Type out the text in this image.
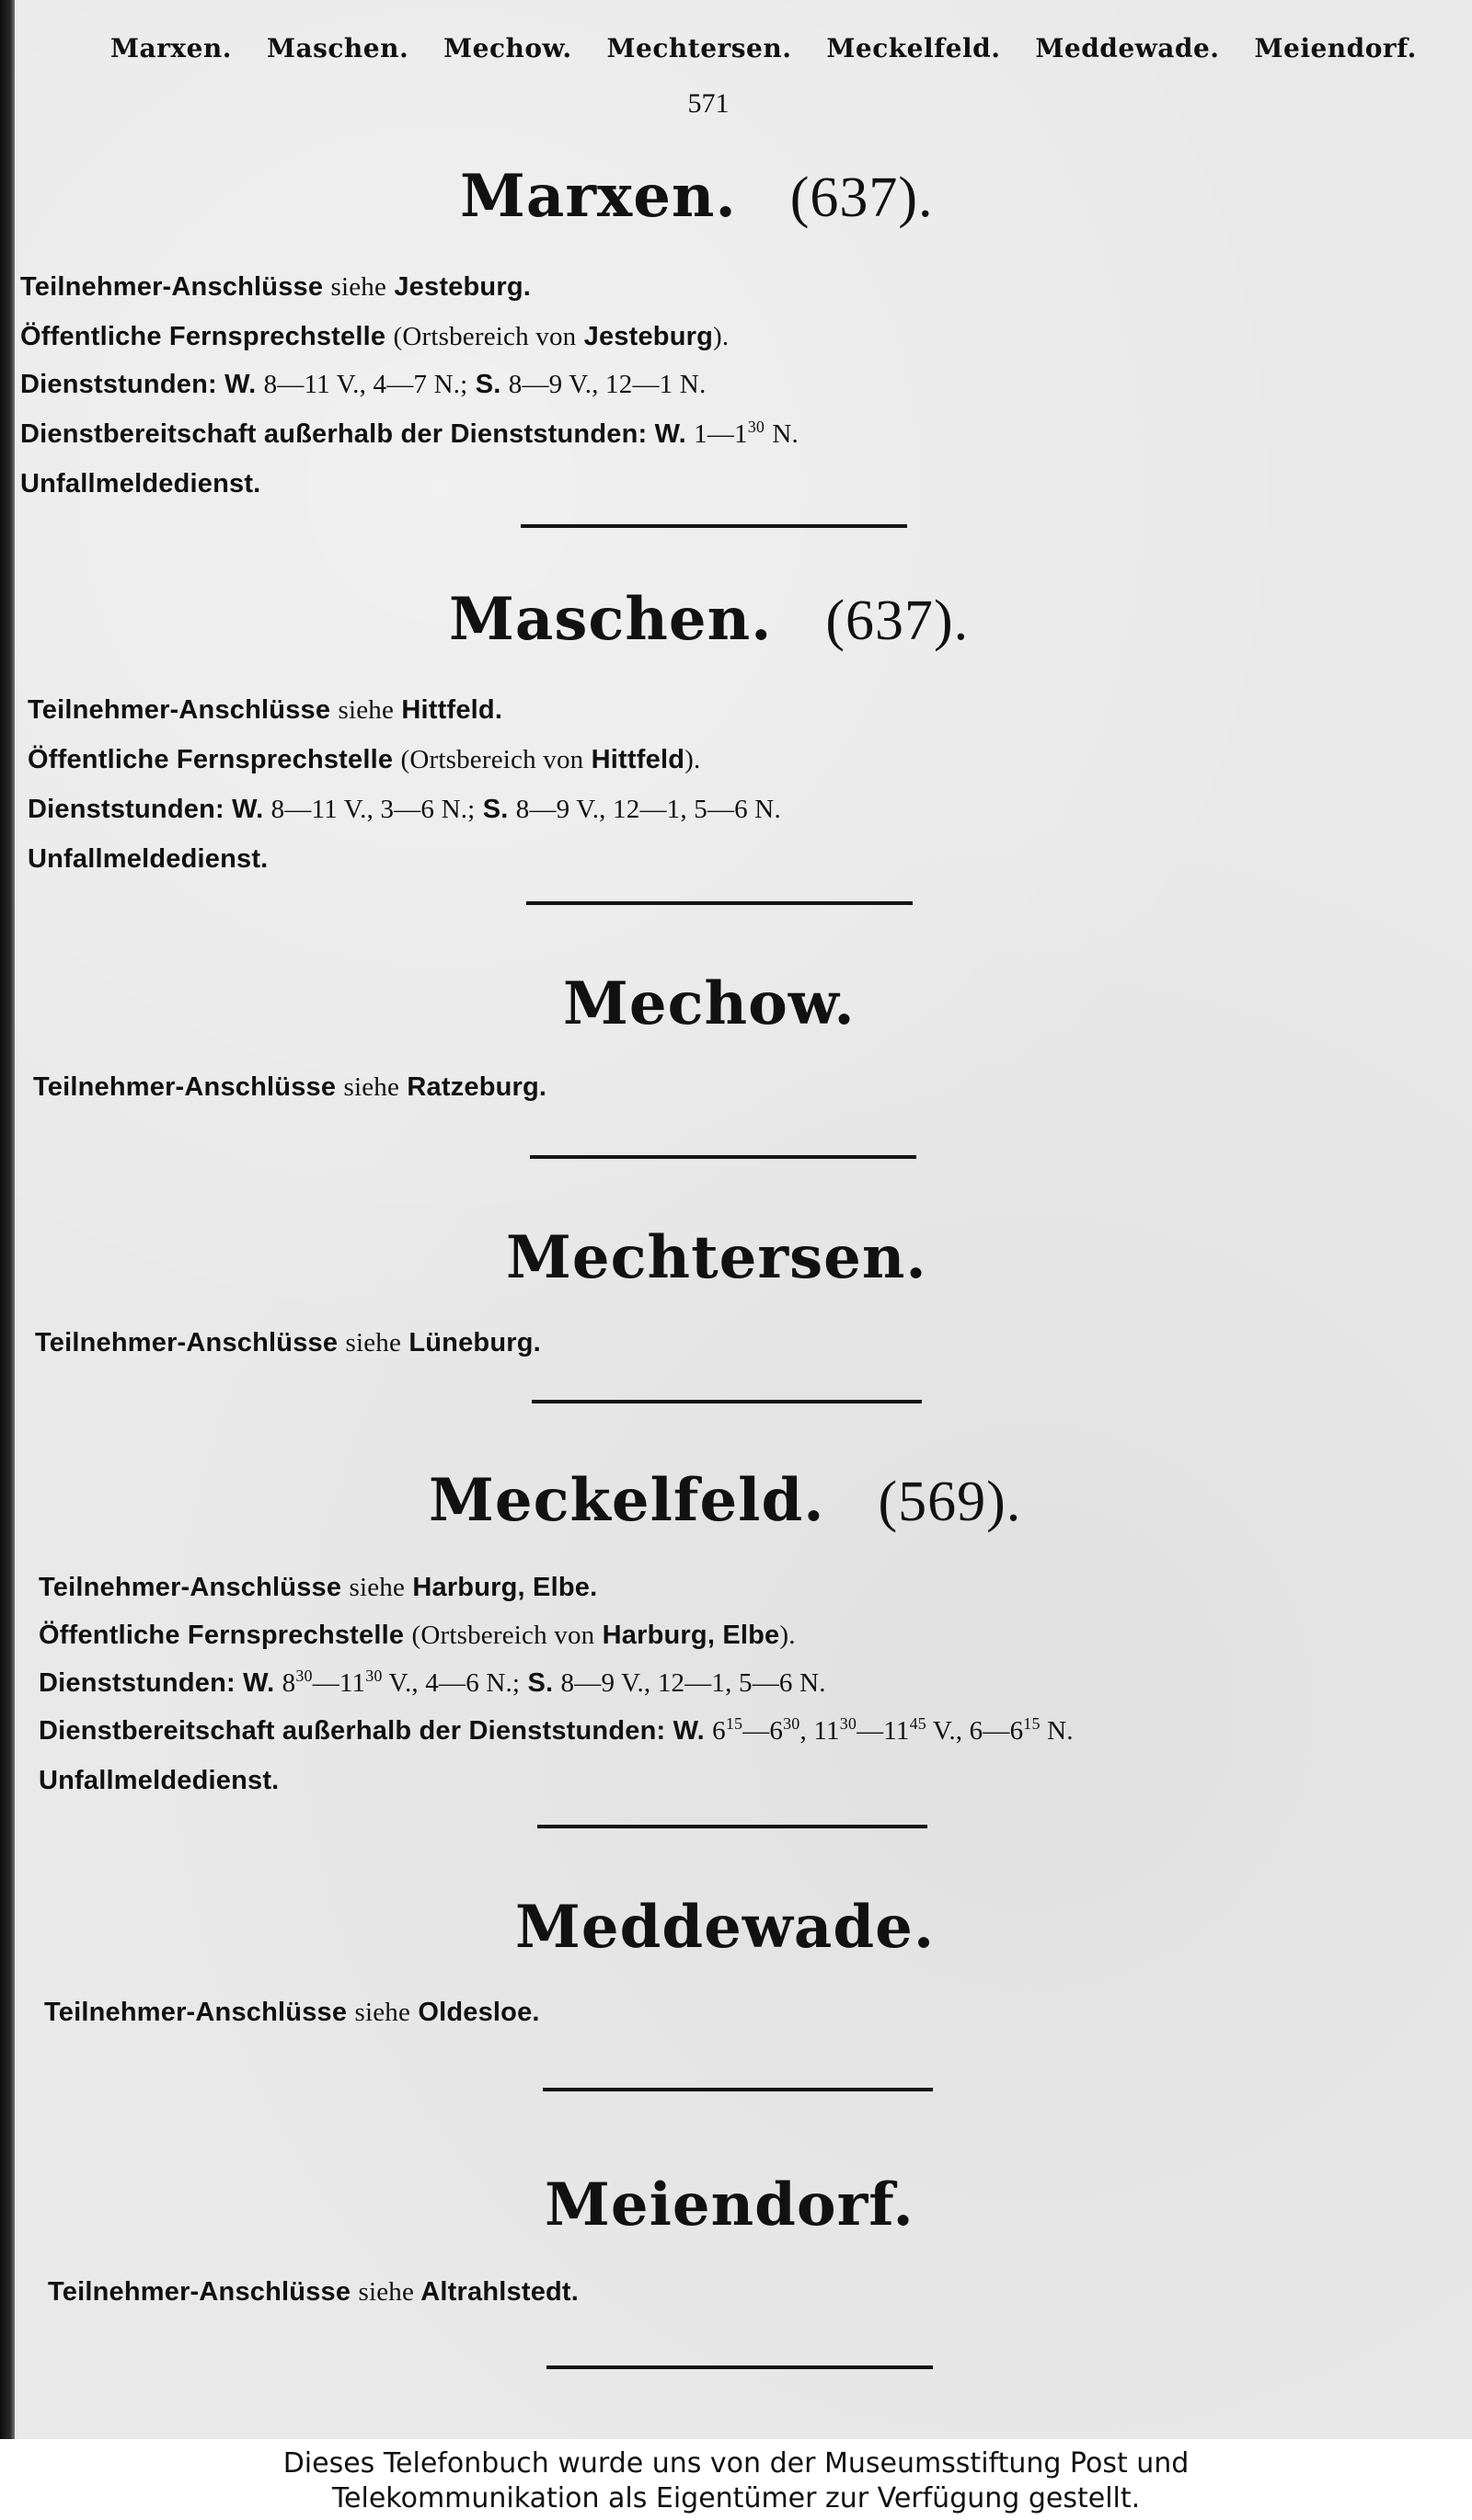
Marxen. Maschen. Mechow. Mechtersen. Meckelfeld. Meddewade. Meiendorf.
571
Marxen. (637).
Teilnehmer-Anschlüsse siehe Jesteburg.
Öffentliche Fernsprechstelle (Ortsbereich von Jesteburg).
Dienststunden: W. 8—11 V., 4—7 N.; S. 8—9 V., 12—1 N.
Dienstbereitschaft außerhalb der Dienststunden: W. $1—1^{30}$ N.
Unfallmeldedienst.
Maschen. (637).
Teilnehmer-Anschlüsse siehe Hittfeld.
Öffentliche Fernsprechstelle (Ortsbereich von Hittfeld).
Dienststunden: W. 8—11 V., 3—6 N.; S. 8—9 V., 12—1, 5—6 N.
Unfallmeldedienst.
Mechow.
Teilnehmer-Anschlüsse siehe Ratzeburg.
Mechtersen.
Teilnehmer-Anschlüsse siehe Lüneburg.
Meckelfeld. (569).
Teilnehmer-Anschlüsse siehe Harburg, Elbe.
Öffentliche Fernsprechstelle (Ortsbereich von Harburg, Elbe).
Dienststunden: W. $8^{30}—11^{30}$ V., 4—6 N.; S. 8—9 V., 12—1, 5—6 N.
Dienstbereitschaft außerhalb der Dienststunden: W. $6^{15}—6^{30}$, $11^{30}—11^{45}$ V., $6—6^{15}$ N.
Unfallmeldedienst.
Meddewade.
Teilnehmer-Anschlüsse siehe Oldesloe.
Meiendorf.
Teilnehmer-Anschlüsse siehe Altrahlstedt.
Dieses Telefonbuch wurde uns von der Museumsstiftung Post und
Telekommunikation als Eigentümer zur Verfügung gestellt.
